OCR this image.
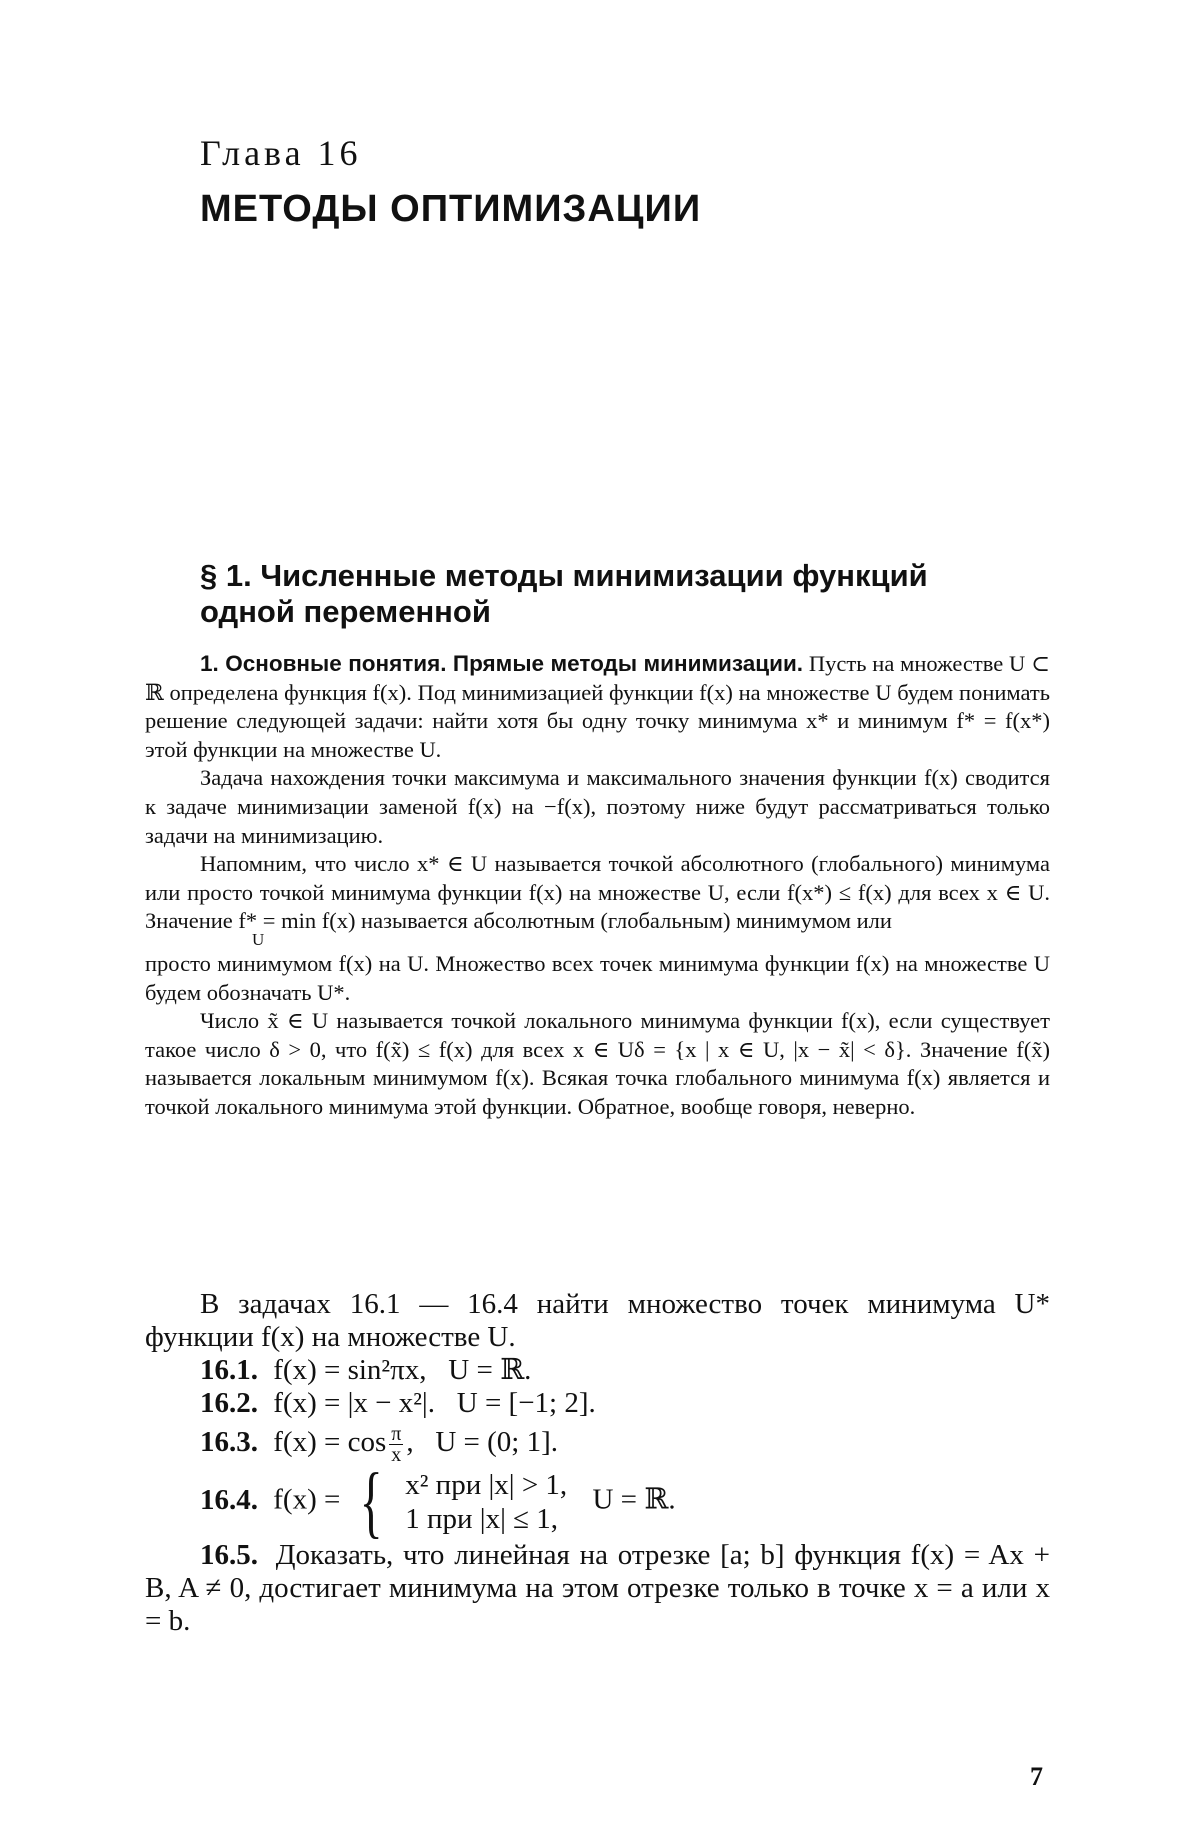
Глава 16
МЕТОДЫ ОПТИМИЗАЦИИ
§ 1. Численные методы минимизации функций одной переменной

1. Основные понятия. Прямые методы минимизации. Пусть на множестве U ⊂ ℝ определена функция f(x). Под минимизацией функции f(x) на множестве U будем понимать решение следующей задачи: найти хотя бы одну точку минимума x* и минимум f* = f(x*) этой функции на множестве U.

Задача нахождения точки максимума и максимального значения функции f(x) сводится к задаче минимизации заменой f(x) на −f(x), поэтому ниже будут рассматриваться только задачи на минимизацию.

Напомним, что число x* ∈ U называется точкой абсолютного (глобального) минимума или просто точкой минимума функции f(x) на множестве U, если f(x*) ≤ f(x) для всех x ∈ U. Значение f* = min f(x) называется абсолютным (глобальным) минимумом или
U

просто минимумом f(x) на U. Множество всех точек минимума функции f(x) на множестве U будем обозначать U*.

Число x̃ ∈ U называется точкой локального минимума функции f(x), если существует такое число δ > 0, что f(x̃) ≤ f(x) для всех x ∈ Uδ = {x | x ∈ U, |x − x̃| < δ}. Значение f(x̃) называется локальным минимумом f(x). Всякая точка глобального минимума f(x) является и точкой локального минимума этой функции. Обратное, вообще говоря, неверно.

В задачах 16.1 — 16.4 найти множество точек минимума U* функции f(x) на множестве U.

16.1. f(x) = sin²πx, U = ℝ.

16.2. f(x) = |x − x²|. U = [−1; 2].

16.3. $f(x) = \cos \frac{\pi}{x}$ , U = (0; 1].

16.4. f(x) = { x² при |x| > 1,
1 при |x| ≤ 1,
U = ℝ.

16.5. Доказать, что линейная на отрезке [a; b] функция f(x) = Ax + B, A ≠ 0, достигает минимума на этом отрезке только в точке x = a или x = b.

7
